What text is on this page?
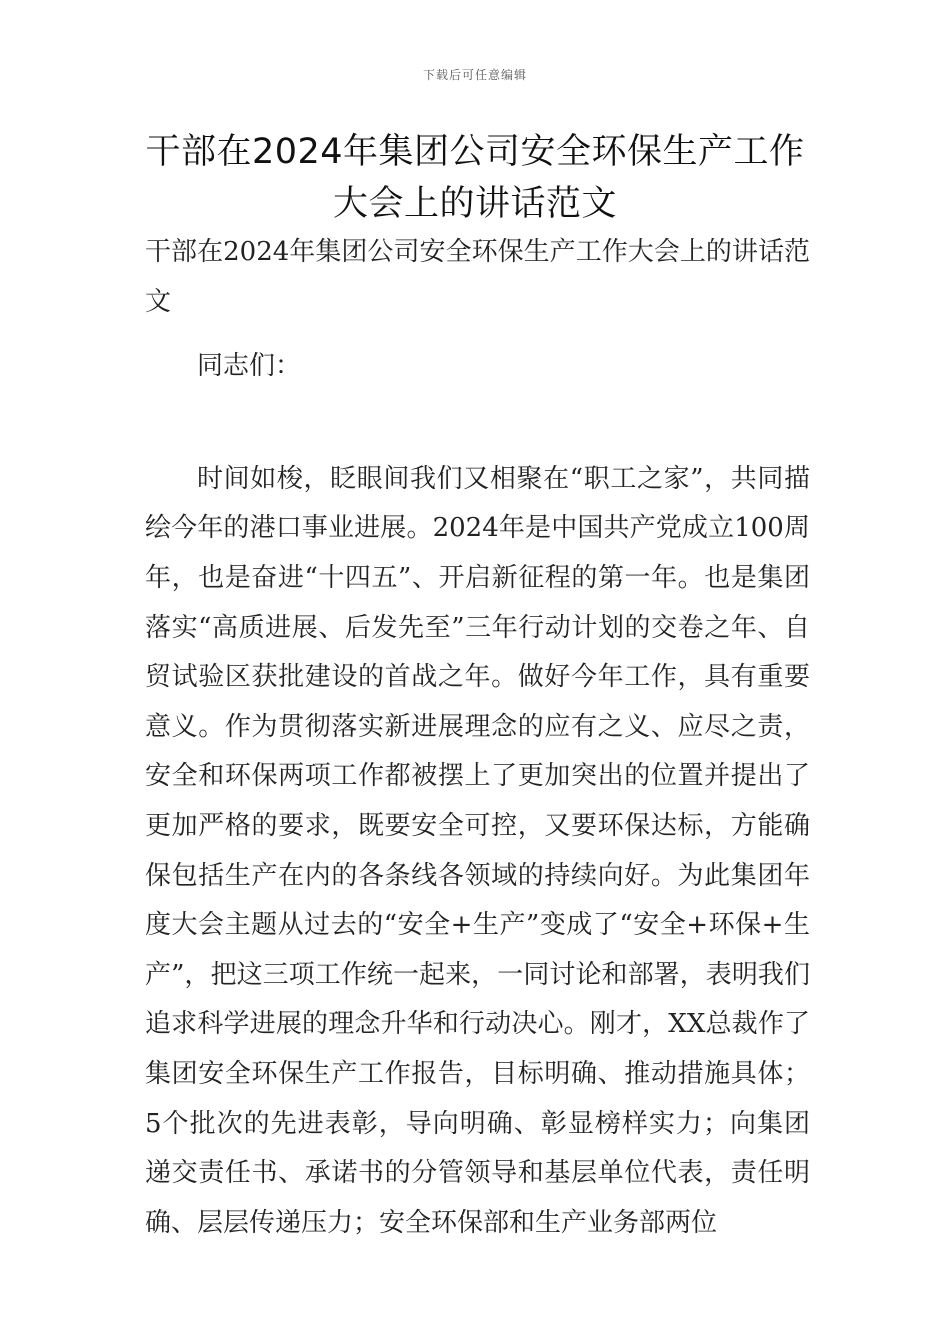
下载后可任意编辑
干部在2024年集团公司安全环保生产工作大会上的讲话范文

干部在2024年集团公司安全环保生产工作大会上的讲话范文

同志们：

时间如梭，眨眼间我们又相聚在“职工之家”，共同描绘今年的港口事业进展。2024年是中国共产党成立100周年，也是奋进“十四五”、开启新征程的第一年。也是集团落实“高质进展、后发先至”三年行动计划的交卷之年、自贸试验区获批建设的首战之年。做好今年工作，具有重要意义。作为贯彻落实新进展理念的应有之义、应尽之责，安全和环保两项工作都被摆上了更加突出的位置并提出了更加严格的要求，既要安全可控，又要环保达标，方能确保包括生产在内的各条线各领域的持续向好。为此集团年度大会主题从过去的“安全+生产”变成了“安全+环保+生产”，把这三项工作统一起来，一同讨论和部署，表明我们追求科学进展的理念升华和行动决心。刚才，XX总裁作了集团安全环保生产工作报告，目标明确、推动措施具体；5个批次的先进表彰，导向明确、彰显榜样实力；向集团递交责任书、承诺书的分管领导和基层单位代表，责任明确、层层传递压力；安全环保部和生产业务部两位
